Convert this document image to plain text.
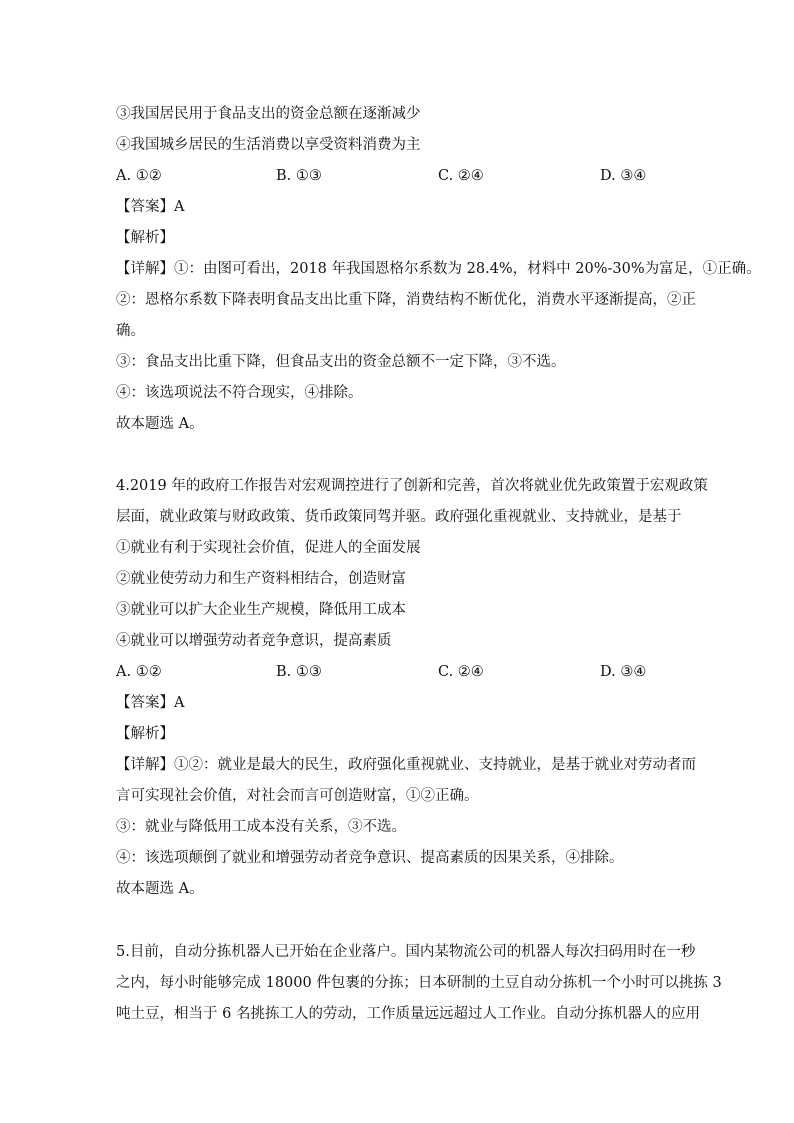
③我国居民用于食品支出的资金总额在逐渐减少
④我国城乡居民的生活消费以享受资料消费为主
A. ①②	B. ①③	C. ②④	D. ③④
【答案】A
【解析】
【详解】①：由图可看出，2018 年我国恩格尔系数为 28.4%，材料中 20%-30%为富足，①正确。
②：恩格尔系数下降表明食品支出比重下降，消费结构不断优化，消费水平逐渐提高，②正
确。
③：食品支出比重下降，但食品支出的资金总额不一定下降，③不选。
④：该选项说法不符合现实，④排除。
故本题选 A。
4.2019 年的政府工作报告对宏观调控进行了创新和完善，首次将就业优先政策置于宏观政策
层面，就业政策与财政政策、货币政策同驾并驱。政府强化重视就业、支持就业，是基于
①就业有利于实现社会价值，促进人的全面发展
②就业使劳动力和生产资料相结合，创造财富
③就业可以扩大企业生产规模，降低用工成本
④就业可以增强劳动者竞争意识，提高素质
A. ①②	B. ①③	C. ②④	D. ③④
【答案】A
【解析】
【详解】①②：就业是最大的民生，政府强化重视就业、支持就业，是基于就业对劳动者而
言可实现社会价值，对社会而言可创造财富，①②正确。
③：就业与降低用工成本没有关系，③不选。
④：该选项颠倒了就业和增强劳动者竞争意识、提高素质的因果关系，④排除。
故本题选 A。
5.目前，自动分拣机器人已开始在企业落户。国内某物流公司的机器人每次扫码用时在一秒
之内，每小时能够完成 18000 件包裹的分拣；日本研制的土豆自动分拣机一个小时可以挑拣 3
吨土豆，相当于 6 名挑拣工人的劳动，工作质量远远超过人工作业。自动分拣机器人的应用
